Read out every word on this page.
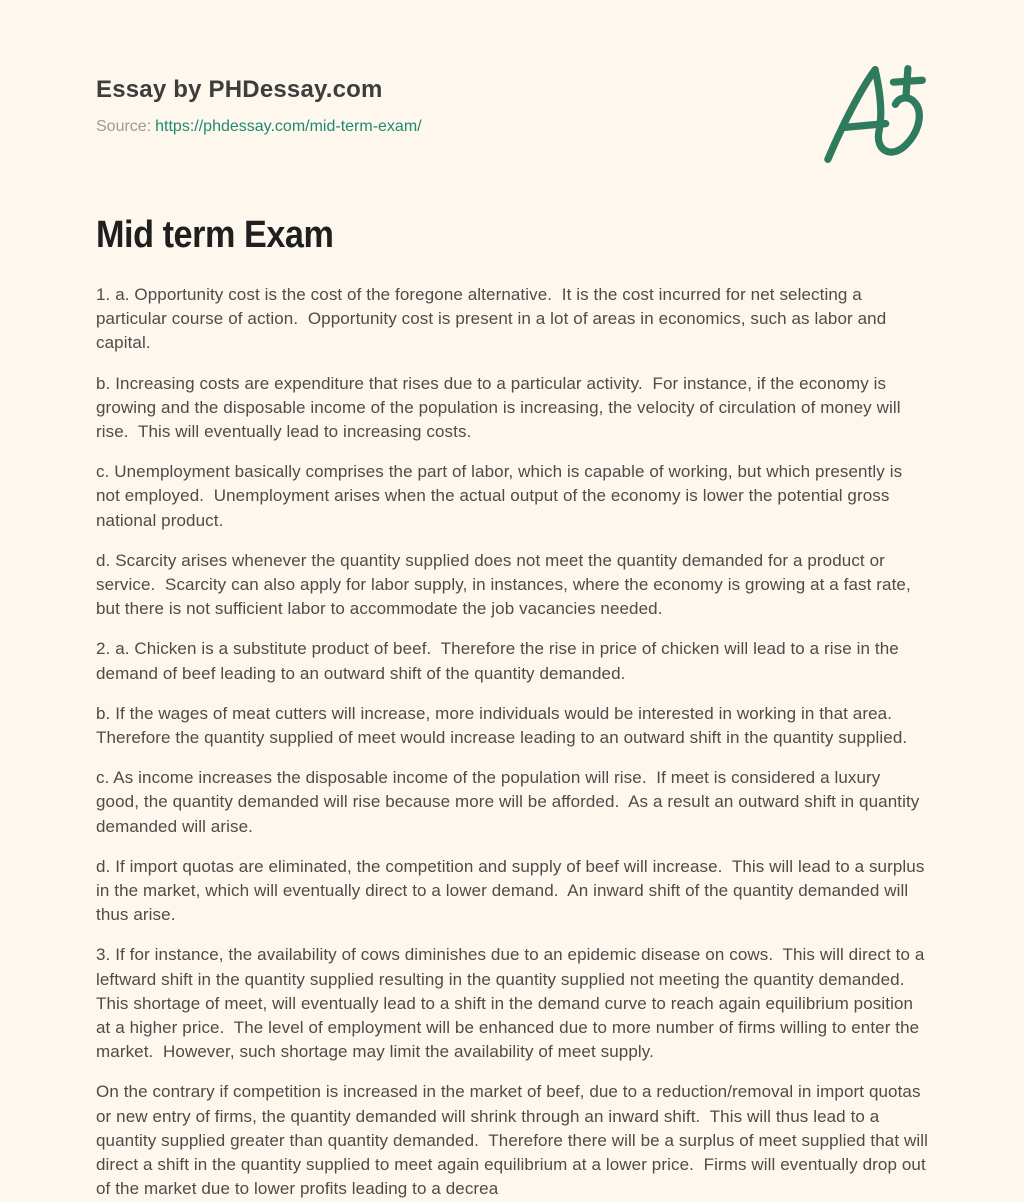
Essay by PHDessay.com
Source: https://phdessay.com/mid-term-exam/
Mid term Exam

1. a. Opportunity cost is the cost of the foregone alternative.  It is the cost incurred for net selecting a particular course of action.  Opportunity cost is present in a lot of areas in economics, such as labor and capital.

b. Increasing costs are expenditure that rises due to a particular activity.  For instance, if the economy is growing and the disposable income of the population is increasing, the velocity of circulation of money will rise.  This will eventually lead to increasing costs.

c. Unemployment basically comprises the part of labor, which is capable of working, but which presently is not employed.  Unemployment arises when the actual output of the economy is lower the potential gross national product.

d. Scarcity arises whenever the quantity supplied does not meet the quantity demanded for a product or service.  Scarcity can also apply for labor supply, in instances, where the economy is growing at a fast rate, but there is not sufficient labor to accommodate the job vacancies needed.

2. a. Chicken is a substitute product of beef.  Therefore the rise in price of chicken will lead to a rise in the demand of beef leading to an outward shift of the quantity demanded.

b. If the wages of meat cutters will increase, more individuals would be interested in working in that area.  Therefore the quantity supplied of meet would increase leading to an outward shift in the quantity supplied.

c. As income increases the disposable income of the population will rise.  If meet is considered a luxury good, the quantity demanded will rise because more will be afforded.  As a result an outward shift in quantity demanded will arise.

d. If import quotas are eliminated, the competition and supply of beef will increase.  This will lead to a surplus in the market, which will eventually direct to a lower demand.  An inward shift of the quantity demanded will thus arise.

3. If for instance, the availability of cows diminishes due to an epidemic disease on cows.  This will direct to a leftward shift in the quantity supplied resulting in the quantity supplied not meeting the quantity demanded.  This shortage of meet, will eventually lead to a shift in the demand curve to reach again equilibrium position at a higher price.  The level of employment will be enhanced due to more number of firms willing to enter the market.  However, such shortage may limit the availability of meet supply.

On the contrary if competition is increased in the market of beef, due to a reduction/removal in import quotas or new entry of firms, the quantity demanded will shrink through an inward shift.  This will thus lead to a quantity supplied greater than quantity demanded.  Therefore there will be a surplus of meet supplied that will direct a shift in the quantity supplied to meet again equilibrium at a lower price.  Firms will eventually drop out of the market due to lower profits leading to a decrea
